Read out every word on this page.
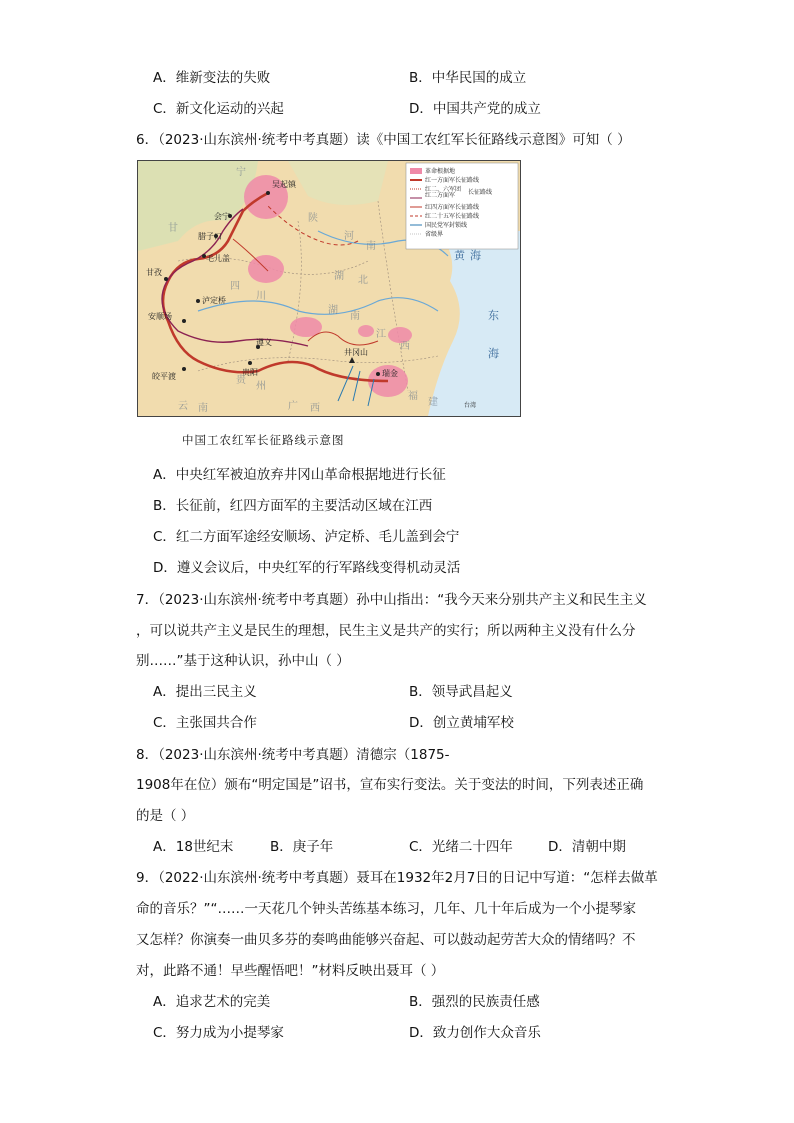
A．维新变法的失败	B．中华民国的成立
C．新文化运动的兴起	D．中国共产党的成立
6．（2023·山东滨州·统考中考真题）读《中国工农红军长征路线示意图》可知（ ）
革命根据地
红一方面军长征路线
红二、六军团
红二方面军 长征路线
红四方面军长征路线
红二十五军长征路线
国民党军封锁线
省级界
吴起镇
会宁
腊子口
毛儿盖
甘孜
泸定桥
安顺场
遵义
贵阳
皎平渡
井冈山
瑞金
宁
甘
陕
河
南
四
川
湖 北
湖
南
贵
州
江
西
广 西
云 南
福
建	台湾
黄 海
东
海
中国工农红军长征路线示意图
A．中央红军被迫放弃井冈山革命根据地进行长征
B．长征前，红四方面军的主要活动区域在江西
C．红二方面军途经安顺场、泸定桥、毛儿盖到会宁
D．遵义会议后，中央红军的行军路线变得机动灵活
7．（2023·山东滨州·统考中考真题）孙中山指出：“我今天来分别共产主义和民生主义
，可以说共产主义是民生的理想，民生主义是共产的实行；所以两种主义没有什么分
别……”基于这种认识，孙中山（ ）
A．提出三民主义	B．领导武昌起义
C．主张国共合作	D．创立黄埔军校
8．（2023·山东滨州·统考中考真题）清德宗（1875-
1908年在位）颁布“明定国是”诏书，宣布实行变法。关于变法的时间，下列表述正确
的是（ ）
A．18世纪末	B．庚子年	C．光绪二十四年	D．清朝中期
9．（2022·山东滨州·统考中考真题）聂耳在1932年2月7日的日记中写道：“怎样去做革
命的音乐？”“……一天花几个钟头苦练基本练习，几年、几十年后成为一个小提琴家
又怎样？你演奏一曲贝多芬的奏鸣曲能够兴奋起、可以鼓动起劳苦大众的情绪吗？不
对，此路不通！早些醒悟吧！”材料反映出聂耳（ ）
A．追求艺术的完美	B．强烈的民族责任感
C．努力成为小提琴家	D．致力创作大众音乐
